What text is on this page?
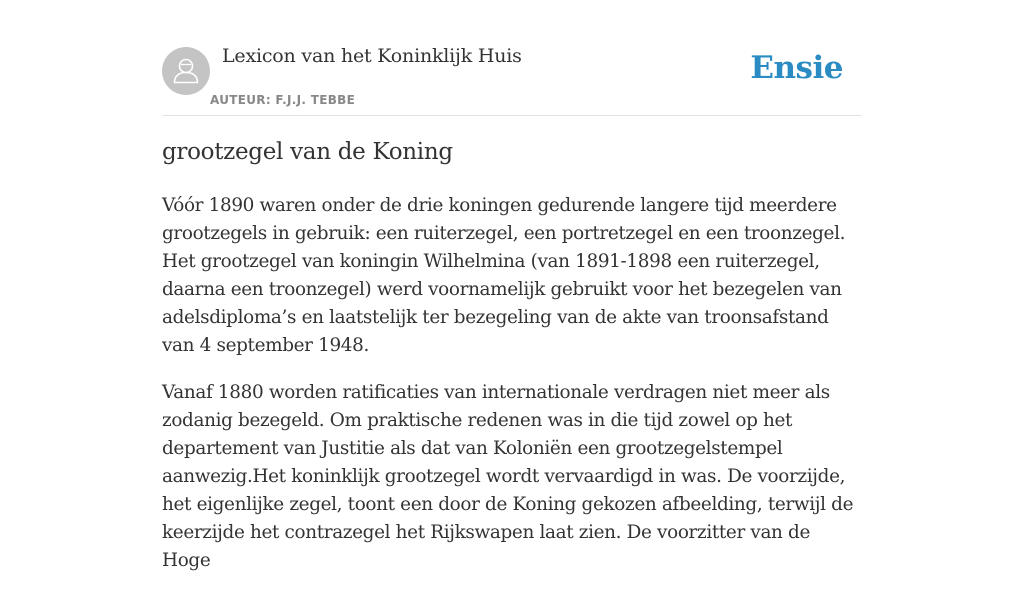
Lexicon van het Koninklijk Huis
AUTEUR: F.J.J. TEBBE
Ensie
grootzegel van de Koning

Vóór 1890 waren onder de drie koningen gedurende langere tijd meerdere grootzegels in gebruik: een ruiterzegel, een portretzegel en een troonzegel. Het grootzegel van koningin Wilhelmina (van 1891-1898 een ruiterzegel, daarna een troonzegel) werd voornamelijk gebruikt voor het bezegelen van adelsdiploma’s en laatstelijk ter bezegeling van de akte van troonsafstand van 4 september 1948.

Vanaf 1880 worden ratificaties van internationale verdragen niet meer als zodanig bezegeld. Om praktische redenen was in die tijd zowel op het departement van Justitie als dat van Koloniën een grootzegelstempel aanwezig.Het koninklijk grootzegel wordt vervaardigd in was. De voorzijde, het eigenlijke zegel, toont een door de Koning gekozen afbeelding, terwijl de keerzijde het contrazegel het Rijkswapen laat zien. De voorzitter van de Hoge
